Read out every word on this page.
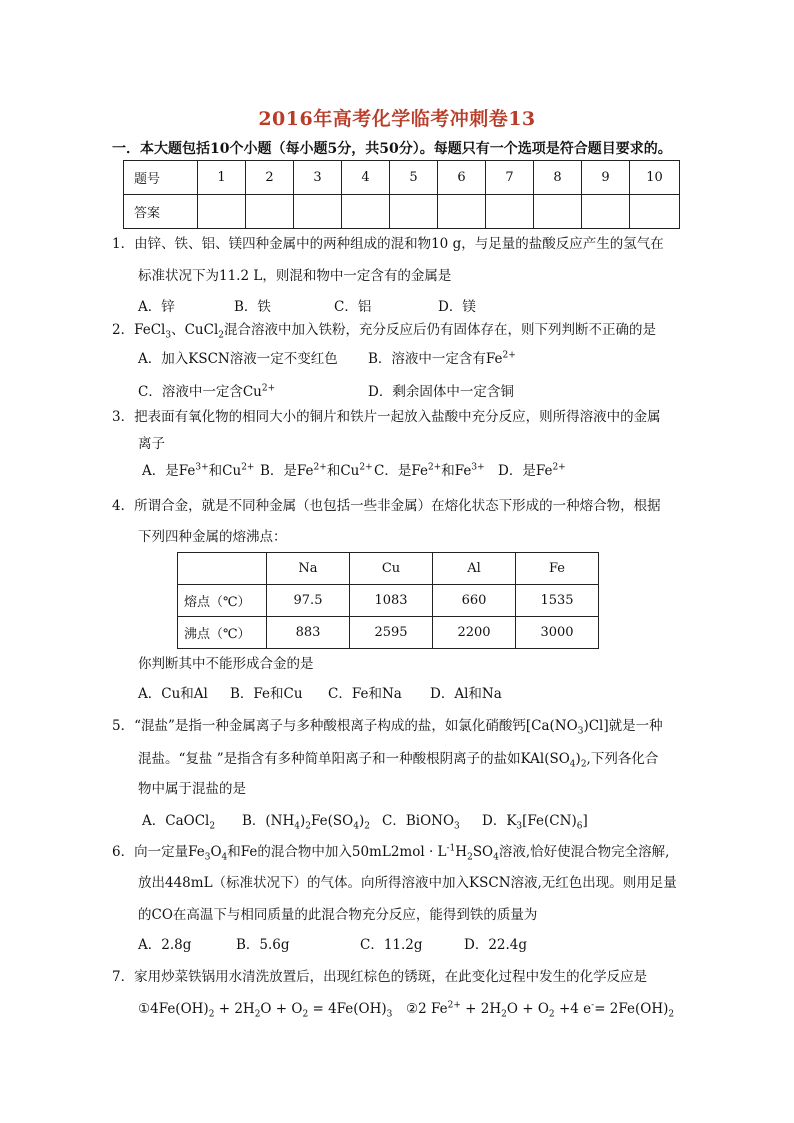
2016年高考化学临考冲刺卷13
一．本大题包括10个小题（每小题5分，共50分）。每题只有一个选项是符合题目要求的。
题号	1	2	3	4	5	6	7	8	9	10
答案										
1．由锌、铁、铝、镁四种金属中的两种组成的混和物10 g，与足量的盐酸反应产生的氢气在
标准状况下为11.2 L，则混和物中一定含有的金属是
A．锌	B．铁	C．铝	D．镁
2．FeCl$_3$、CuCl$_2$混合溶液中加入铁粉，充分反应后仍有固体存在，则下列判断不正确的是
A．加入KSCN溶液一定不变红色 B．溶液中一定含有$Fe^{2+}$
C．溶液中一定含$Cu^{2+}$	D．剩余固体中一定含铜
3．把表面有氧化物的相同大小的铜片和铁片一起放入盐酸中充分反应，则所得溶液中的金属
离子
A．是$Fe^{3+}$和$Cu^{2+}$ B．是$Fe^{2+}$和$Cu^{2+}C$．是$Fe^{2+}$和$Fe^{3+}$ D．是$Fe^{2+}$
4．所谓合金，就是不同种金属（也包括一些非金属）在熔化状态下形成的一种熔合物，根据
下列四种金属的熔沸点：
	Na	Cu	Al	Fe
熔点（℃）	97.5	1083	660	1535
沸点（℃）	883	2595	2200	3000
你判断其中不能形成合金的是
A．Cu和Al B．Fe和Cu C．Fe和Na D．Al和Na
5．“混盐”是指一种金属离子与多种酸根离子构成的盐，如氯化硝酸钙$[Ca(NO_3)Cl]$就是一种
混盐。“复盐 ”是指含有多种简单阳离子和一种酸根阴离子的盐如$KAl(SO_4)_2$,下列各化合
物中属于混盐的是
A．CaOCl$_2$ B．$(NH_4)_2Fe(SO_4)_2$ C．BiONO$_3$ D．$K_3[Fe(CN)_6]$
6．向一定量$Fe_3O_4$和Fe的混合物中加入$50mL2mol \cdot L^{-1}H_2SO_4$溶液,恰好使混合物完全溶解,
放出448mL（标准状况下）的气体。向所得溶液中加入KSCN溶液,无红色出现。则用足量
的CO在高温下与相同质量的此混合物充分反应，能得到铁的质量为
A．2.8g	B．5.6g	C．11.2g	D．22.4g
7．家用炒菜铁锅用水清洗放置后，出现红棕色的锈斑，在此变化过程中发生的化学反应是
$①4Fe(OH)_2 + 2H_2O + O_2 = 4Fe(OH)_3$ ②2 $Fe^{2+} + 2H_2O + O_2 +4$ $e^-= 2Fe(OH)_2$
